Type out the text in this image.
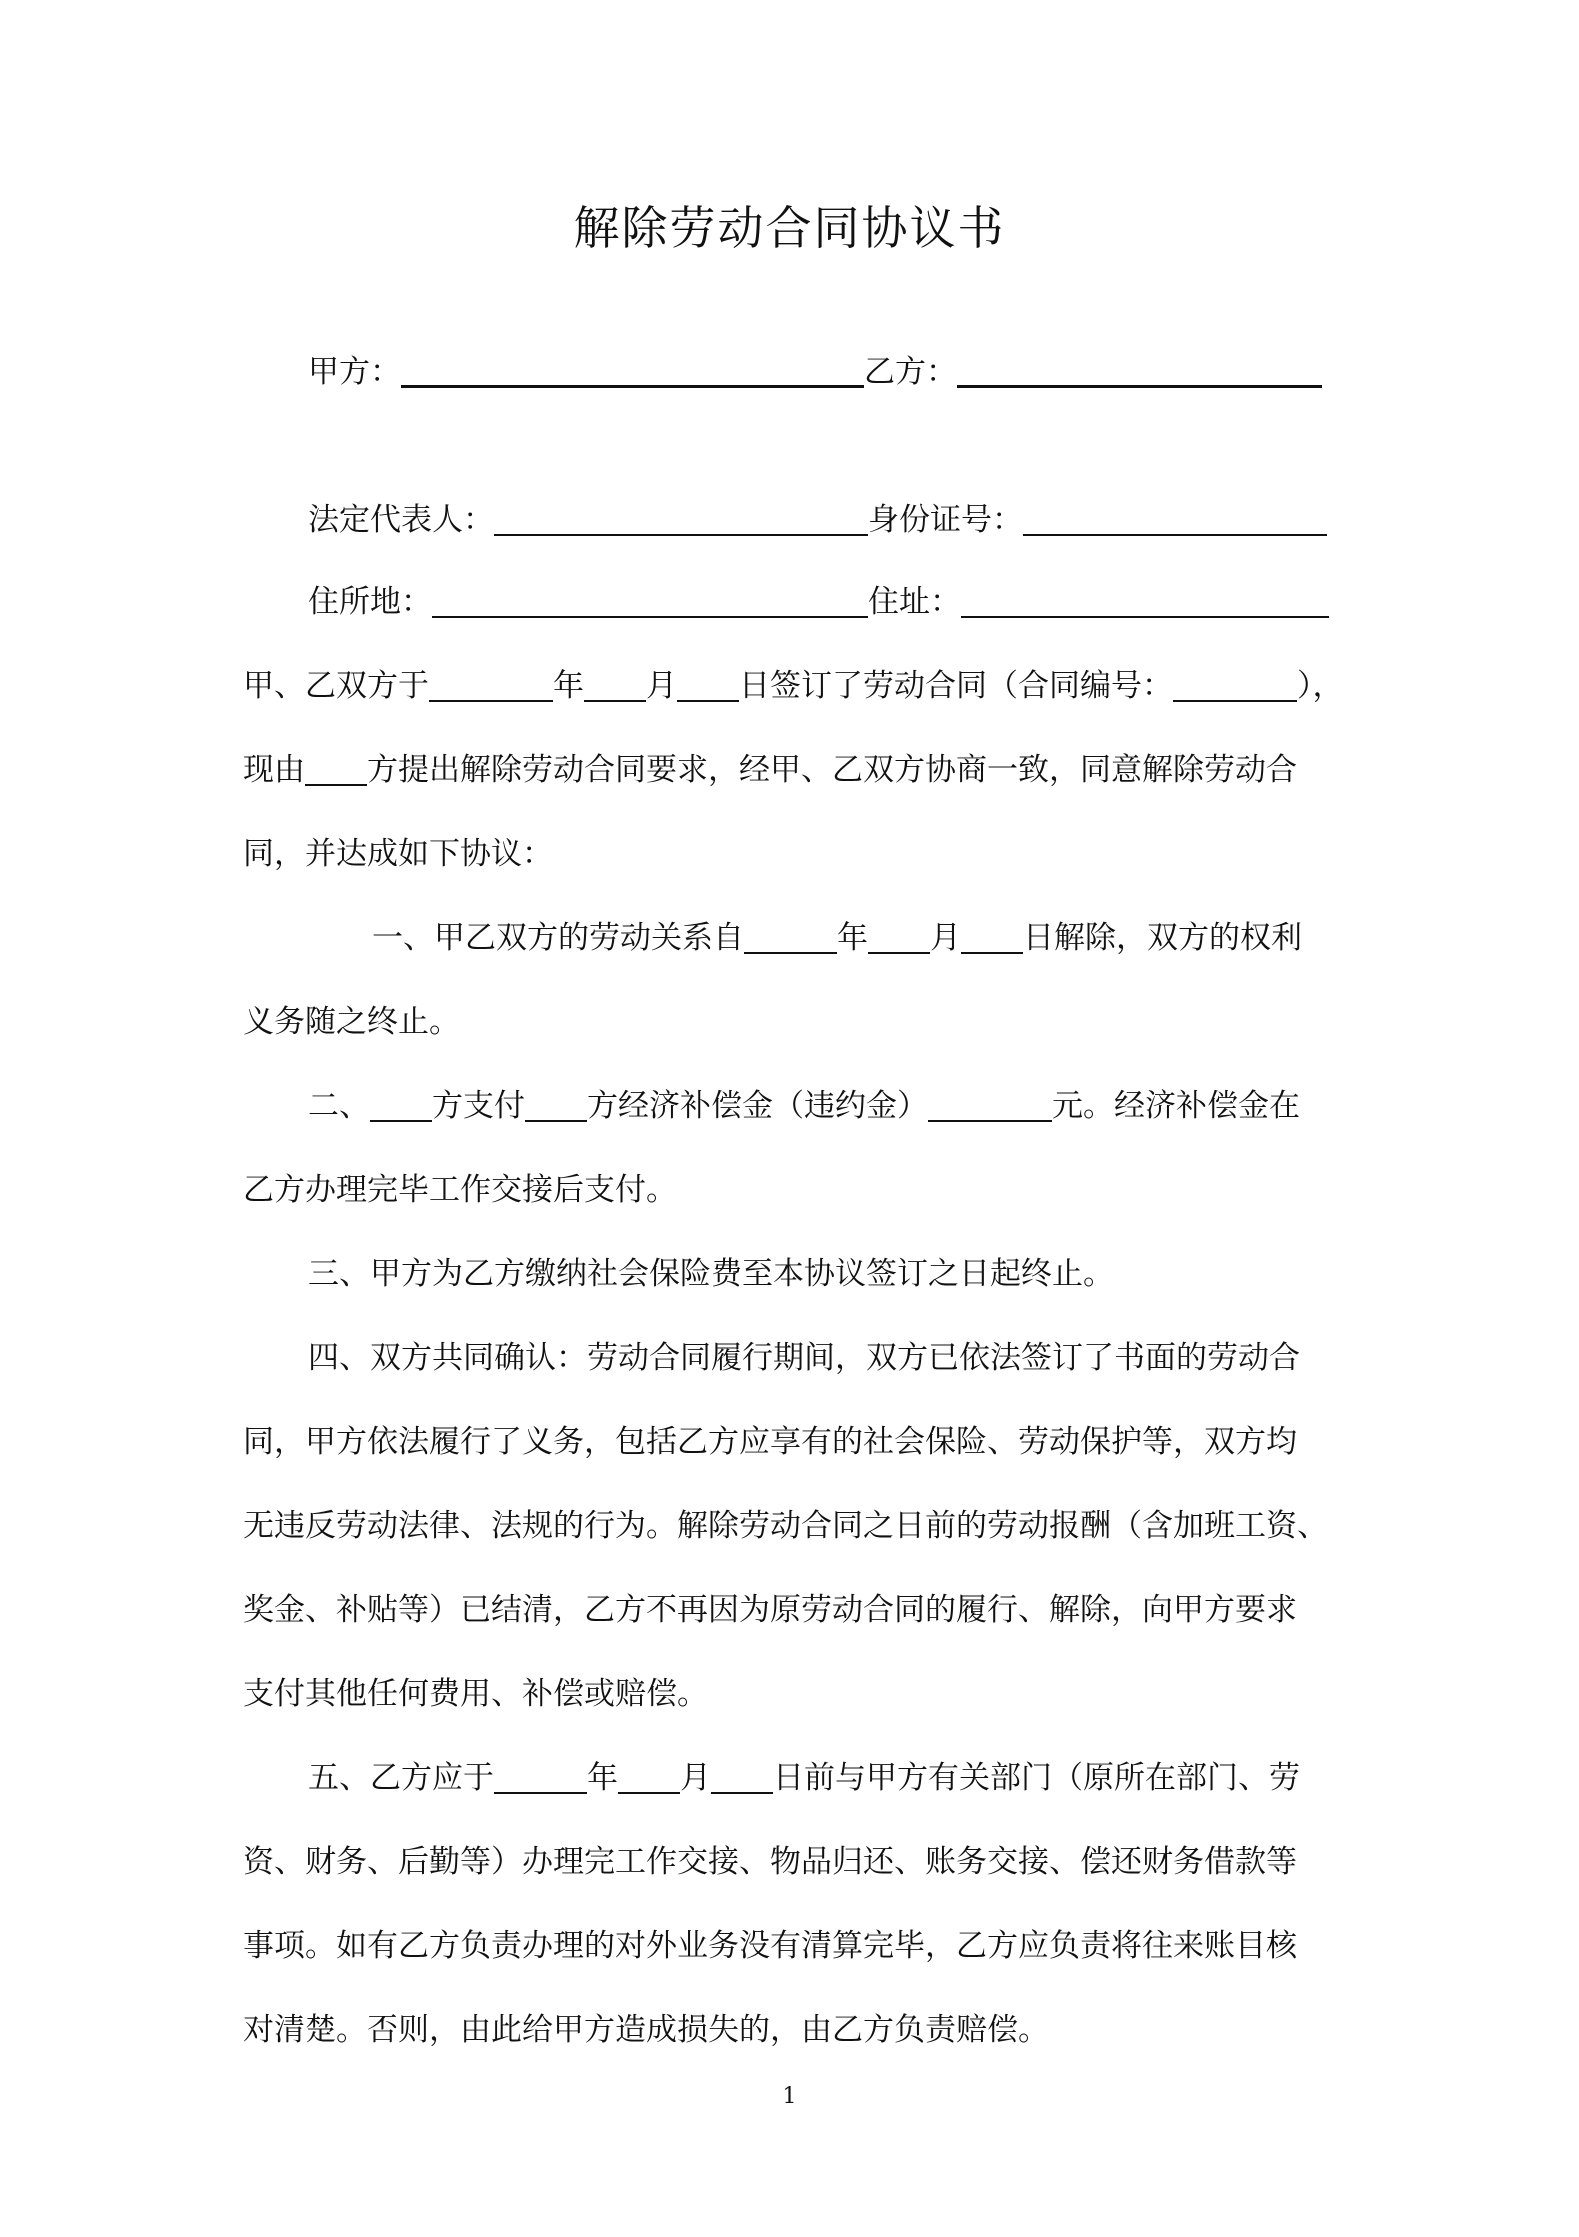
解除劳动合同协议书
甲方：	乙方：
法定代表人：	身份证号：
住所地：	住址：
甲、乙双方于	年 月 日签订了劳动合同（合同编号：	），
现由 方提出解除劳动合同要求，经甲、乙双方协商一致，同意解除劳动合
同，并达成如下协议：
一、甲乙双方的劳动关系自	年 月 日解除，双方的权利
义务随之终止。
二、 方支付 方经济补偿金（违约金）	元。经济补偿金在
乙方办理完毕工作交接后支付。
三、甲方为乙方缴纳社会保险费至本协议签订之日起终止。
四、双方共同确认：劳动合同履行期间，双方已依法签订了书面的劳动合
同，甲方依法履行了义务，包括乙方应享有的社会保险、劳动保护等，双方均
无违反劳动法律、法规的行为。解除劳动合同之日前的劳动报酬（含加班工资、
奖金、补贴等）已结清，乙方不再因为原劳动合同的履行、解除，向甲方要求
支付其他任何费用、补偿或赔偿。
五、乙方应于	年 月 日前与甲方有关部门（原所在部门、劳
资、财务、后勤等）办理完工作交接、物品归还、账务交接、偿还财务借款等
事项。如有乙方负责办理的对外业务没有清算完毕，乙方应负责将往来账目核
对清楚。否则，由此给甲方造成损失的，由乙方负责赔偿。
1
